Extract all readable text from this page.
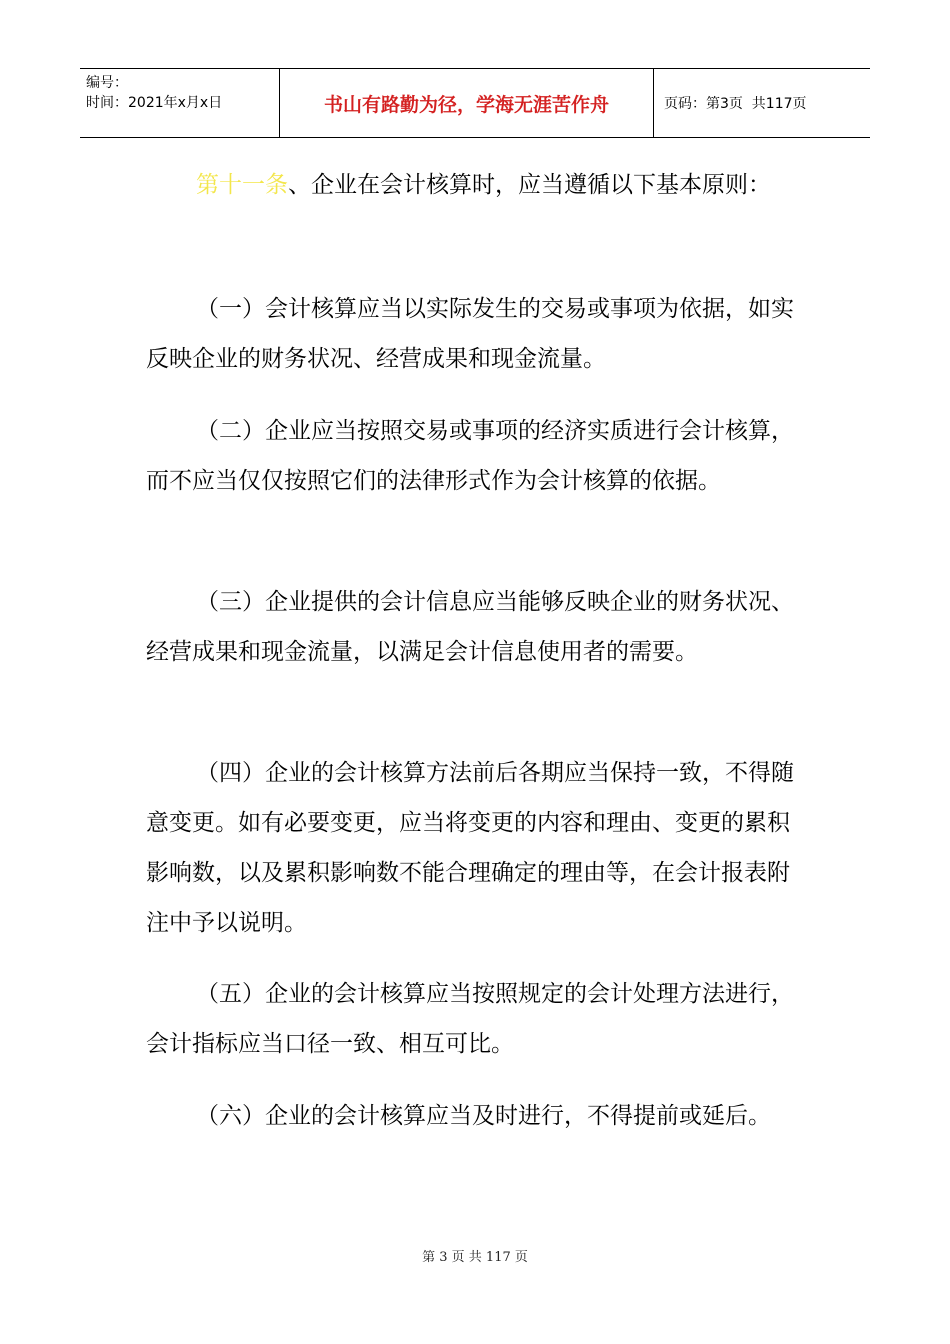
编号：
时间：2021年x月x日	书山有路勤为径，学海无涯苦作舟	页码：第3页  共117页
第十一条、企业在会计核算时，应当遵循以下基本原则：
（一）会计核算应当以实际发生的交易或事项为依据，如实反映企业的财务状况、经营成果和现金流量。
（二）企业应当按照交易或事项的经济实质进行会计核算，而不应当仅仅按照它们的法律形式作为会计核算的依据。
（三）企业提供的会计信息应当能够反映企业的财务状况、经营成果和现金流量，以满足会计信息使用者的需要。
（四）企业的会计核算方法前后各期应当保持一致，不得随意变更。如有必要变更，应当将变更的内容和理由、变更的累积影响数，以及累积影响数不能合理确定的理由等，在会计报表附注中予以说明。
（五）企业的会计核算应当按照规定的会计处理方法进行，会计指标应当口径一致、相互可比。
（六）企业的会计核算应当及时进行，不得提前或延后。
第 3 页 共 117 页
